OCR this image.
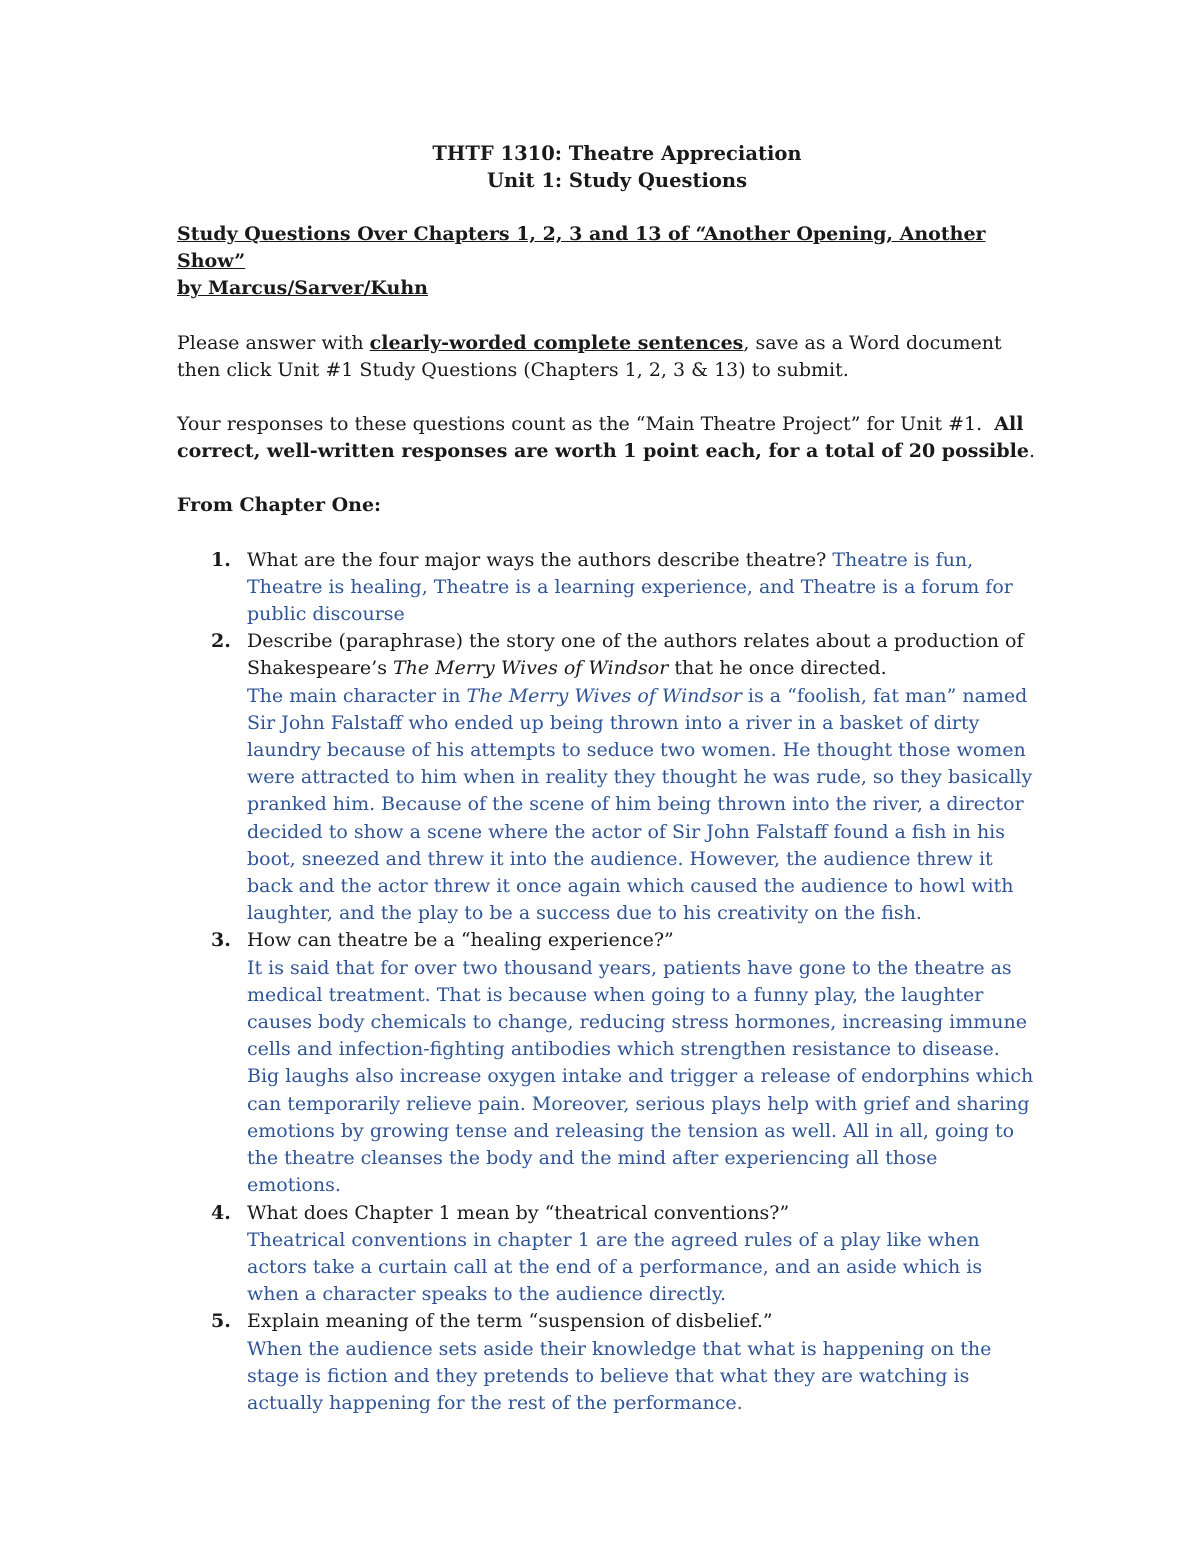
THTF 1310: Theatre Appreciation
Unit 1: Study Questions
Study Questions Over Chapters 1, 2, 3 and 13 of “Another Opening, Another Show”
by Marcus/Sarver/Kuhn

Please answer with clearly-worded complete sentences, save as a Word document then click Unit #1 Study Questions (Chapters 1, 2, 3 & 13) to submit.

Your responses to these questions count as the “Main Theatre Project” for Unit #1.  All correct, well-written responses are worth 1 point each, for a total of 20 possible.

From Chapter One:

1. What are the four major ways the authors describe theatre? Theatre is fun, Theatre is healing, Theatre is a learning experience, and Theatre is a forum for public discourse
2. Describe (paraphrase) the story one of the authors relates about a production of Shakespeare’s The Merry Wives of Windsor that he once directed.
The main character in The Merry Wives of Windsor is a “foolish, fat man” named Sir John Falstaff who ended up being thrown into a river in a basket of dirty laundry because of his attempts to seduce two women. He thought those women were attracted to him when in reality they thought he was rude, so they basically pranked him. Because of the scene of him being thrown into the river, a director decided to show a scene where the actor of Sir John Falstaff found a fish in his boot, sneezed and threw it into the audience. However, the audience threw it back and the actor threw it once again which caused the audience to howl with laughter, and the play to be a success due to his creativity on the fish.
3. How can theatre be a “healing experience?”
It is said that for over two thousand years, patients have gone to the theatre as medical treatment. That is because when going to a funny play, the laughter causes body chemicals to change, reducing stress hormones, increasing immune cells and infection-fighting antibodies which strengthen resistance to disease. Big laughs also increase oxygen intake and trigger a release of endorphins which can temporarily relieve pain. Moreover, serious plays help with grief and sharing emotions by growing tense and releasing the tension as well. All in all, going to the theatre cleanses the body and the mind after experiencing all those emotions.
4. What does Chapter 1 mean by “theatrical conventions?”
Theatrical conventions in chapter 1 are the agreed rules of a play like when actors take a curtain call at the end of a performance, and an aside which is when a character speaks to the audience directly.
5. Explain meaning of the term “suspension of disbelief.”
When the audience sets aside their knowledge that what is happening on the stage is fiction and they pretends to believe that what they are watching is actually happening for the rest of the performance.
